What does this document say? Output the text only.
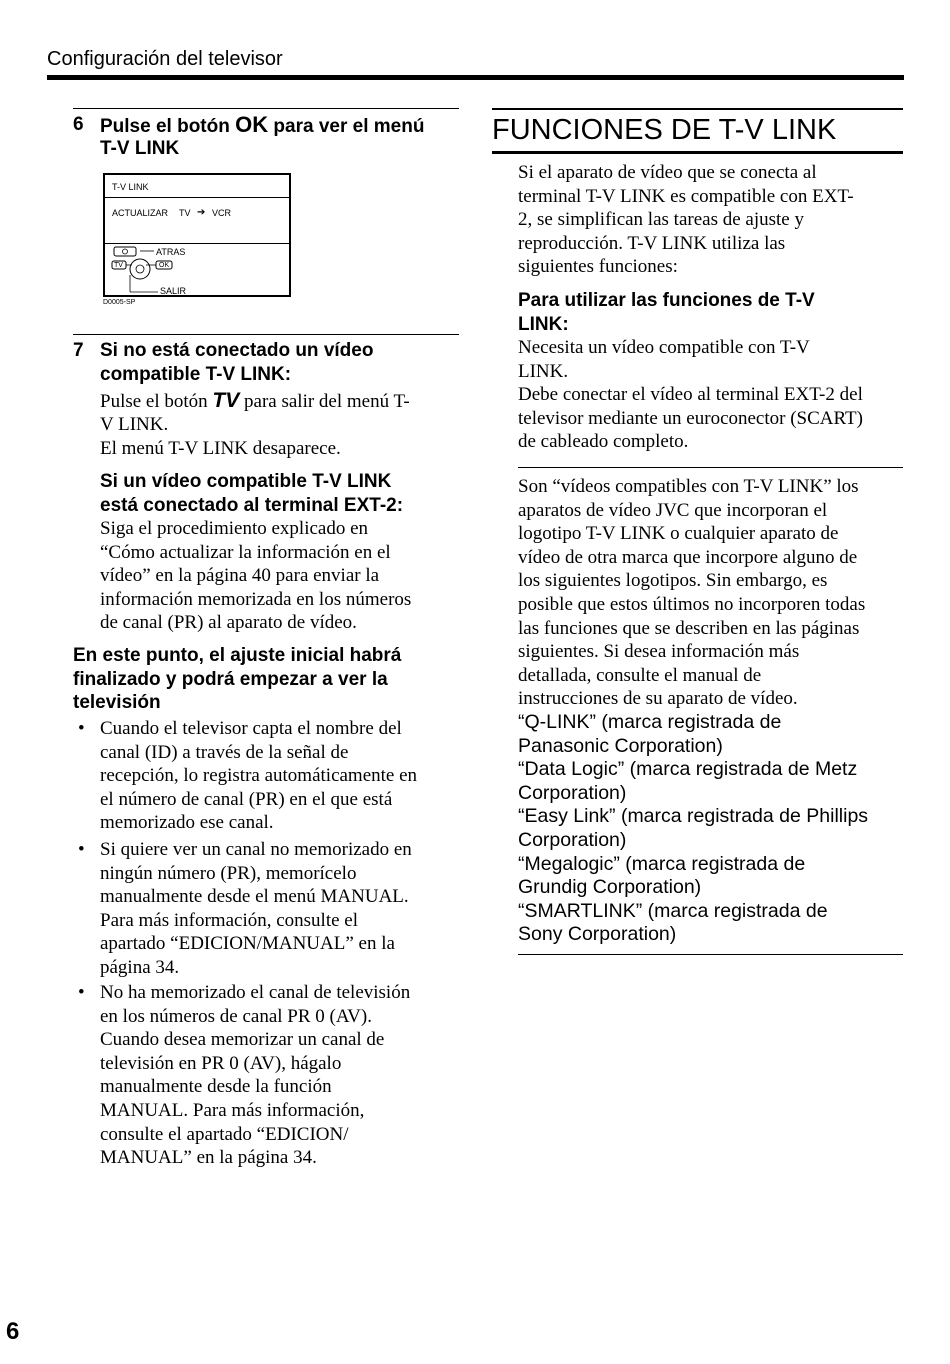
Configuración del televisor
6 Pulse el botón OK para ver el menú
T-V LINK
T-V LINK
ACTUALIZAR TV ➔ VCR
ATRAS
TV	OK
SALIR
D0005-SP
7 Si no está conectado un vídeo
compatible T-V LINK:
Pulse el botón TV para salir del menú T-
V LINK.
El menú T-V LINK desaparece.
Si un vídeo compatible T-V LINK
está conectado al terminal EXT-2:
Siga el procedimiento explicado en
“Cómo actualizar la información en el
vídeo” en la página 40 para enviar la
información memorizada en los números
de canal (PR) al aparato de vídeo.
En este punto, el ajuste inicial habrá
finalizado y podrá empezar a ver la
televisión
• Cuando el televisor capta el nombre del
canal (ID) a través de la señal de
recepción, lo registra automáticamente en
el número de canal (PR) en el que está
memorizado ese canal.
• Si quiere ver un canal no memorizado en
ningún número (PR), memorícelo
manualmente desde el menú MANUAL.
Para más información, consulte el
apartado “EDICION/MANUAL” en la
página 34.
• No ha memorizado el canal de televisión
en los números de canal PR 0 (AV).
Cuando desea memorizar un canal de
televisión en PR 0 (AV), hágalo
manualmente desde la función
MANUAL. Para más información,
consulte el apartado “EDICION/
MANUAL” en la página 34.
FUNCIONES DE T-V LINK
Si el aparato de vídeo que se conecta al
terminal T-V LINK es compatible con EXT-
2, se simplifican las tareas de ajuste y
reproducción. T-V LINK utiliza las
siguientes funciones:
Para utilizar las funciones de T-V
LINK:
Necesita un vídeo compatible con T-V
LINK.
Debe conectar el vídeo al terminal EXT-2 del
televisor mediante un euroconector (SCART)
de cableado completo.
Son “vídeos compatibles con T-V LINK” los
aparatos de vídeo JVC que incorporan el
logotipo T-V LINK o cualquier aparato de
vídeo de otra marca que incorpore alguno de
los siguientes logotipos. Sin embargo, es
posible que estos últimos no incorporen todas
las funciones que se describen en las páginas
siguientes. Si desea información más
detallada, consulte el manual de
instrucciones de su aparato de vídeo.
“Q-LINK” (marca registrada de
Panasonic Corporation)
“Data Logic” (marca registrada de Metz
Corporation)
“Easy Link” (marca registrada de Phillips
Corporation)
“Megalogic” (marca registrada de
Grundig Corporation)
“SMARTLINK” (marca registrada de
Sony Corporation)
6
